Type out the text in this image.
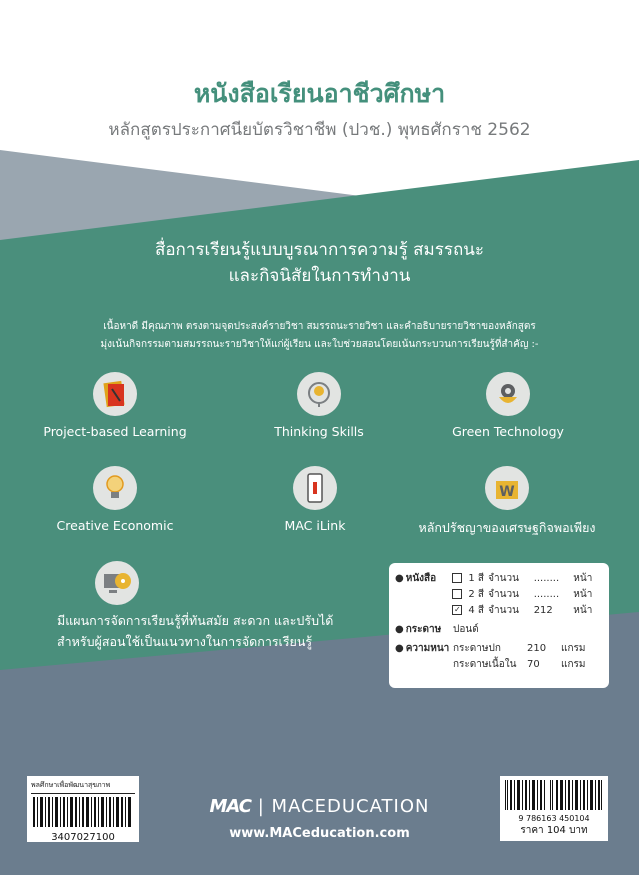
หนังสือเรียนอาชีวศึกษา
หลักสูตรประกาศนียบัตรวิชาชีพ (ปวช.) พุทธศักราช 2562
สื่อการเรียนรู้แบบบูรณาการความรู้ สมรรถนะ
และกิจนิสัยในการทำงาน
เนื้อหาดี มีคุณภาพ ตรงตามจุดประสงค์รายวิชา สมรรถนะรายวิชา และคำอธิบายรายวิชาของหลักสูตร
มุ่งเน้นกิจกรรมตามสมรรถนะรายวิชาให้แก่ผู้เรียน และใบช่วยสอนโดยเน้นกระบวนการเรียนรู้ที่สำคัญ :-
Project-based Learning	Thinking Skills	Green Technology
Creative Economic	MAC iLink
W
หลักปรัชญาของเศรษฐกิจพอเพียง
มีแผนการจัดการเรียนรู้ที่ทันสมัย สะดวก และปรับได้
สำหรับผู้สอนใช้เป็นแนวทางในการจัดการเรียนรู้
● หนังสือ	1 สี จำนวน	........	หน้า
2 สี จำนวน	........	หน้า
✓ 4 สี จำนวน	212	หน้า
● กระดาษ	ปอนด์
● ความหนา กระดาษปก	210	แกรม
กระดาษเนื้อใน	70	แกรม
พลศึกษาเพื่อพัฒนาสุขภาพ
3407027100
9 786163 450104
ราคา 104 บาท
MAC | MACEDUCATION
www.MACeducation.com
